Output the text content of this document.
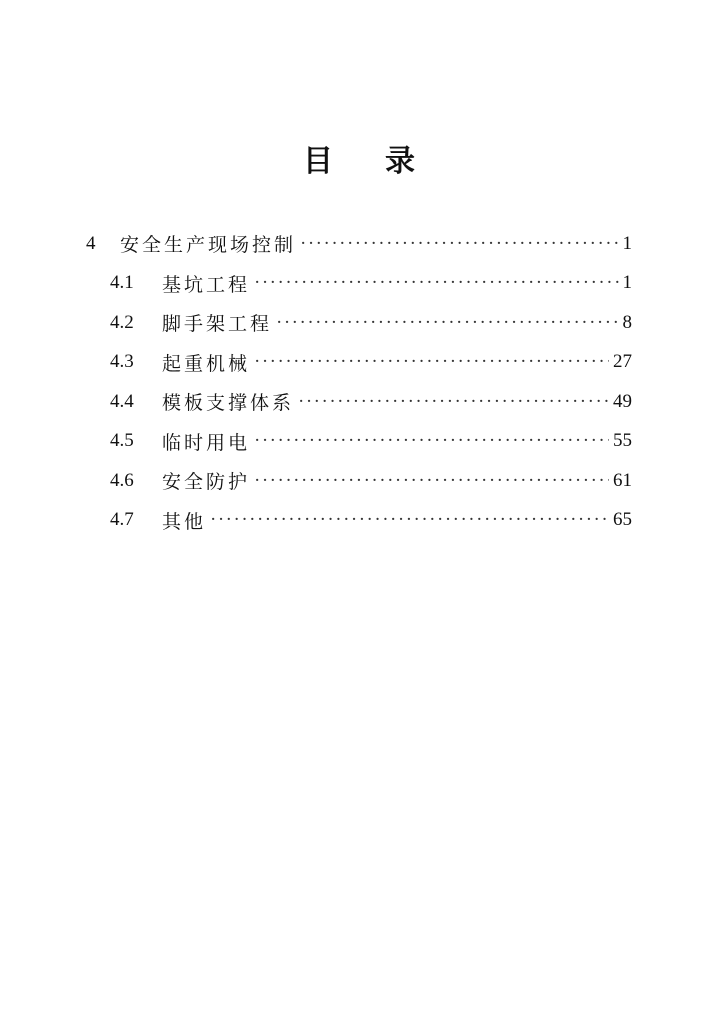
目 录
4	安全生产现场控制 ·····	1
4.1	基坑工程 ·····	1
4.2	脚手架工程 ·····	8
4.3	起重机械 ·····	27
4.4	模板支撑体系 ·····	49
4.5	临时用电 ·····	55
4.6	安全防护 ·····	61
4.7	其他 ·····	65
